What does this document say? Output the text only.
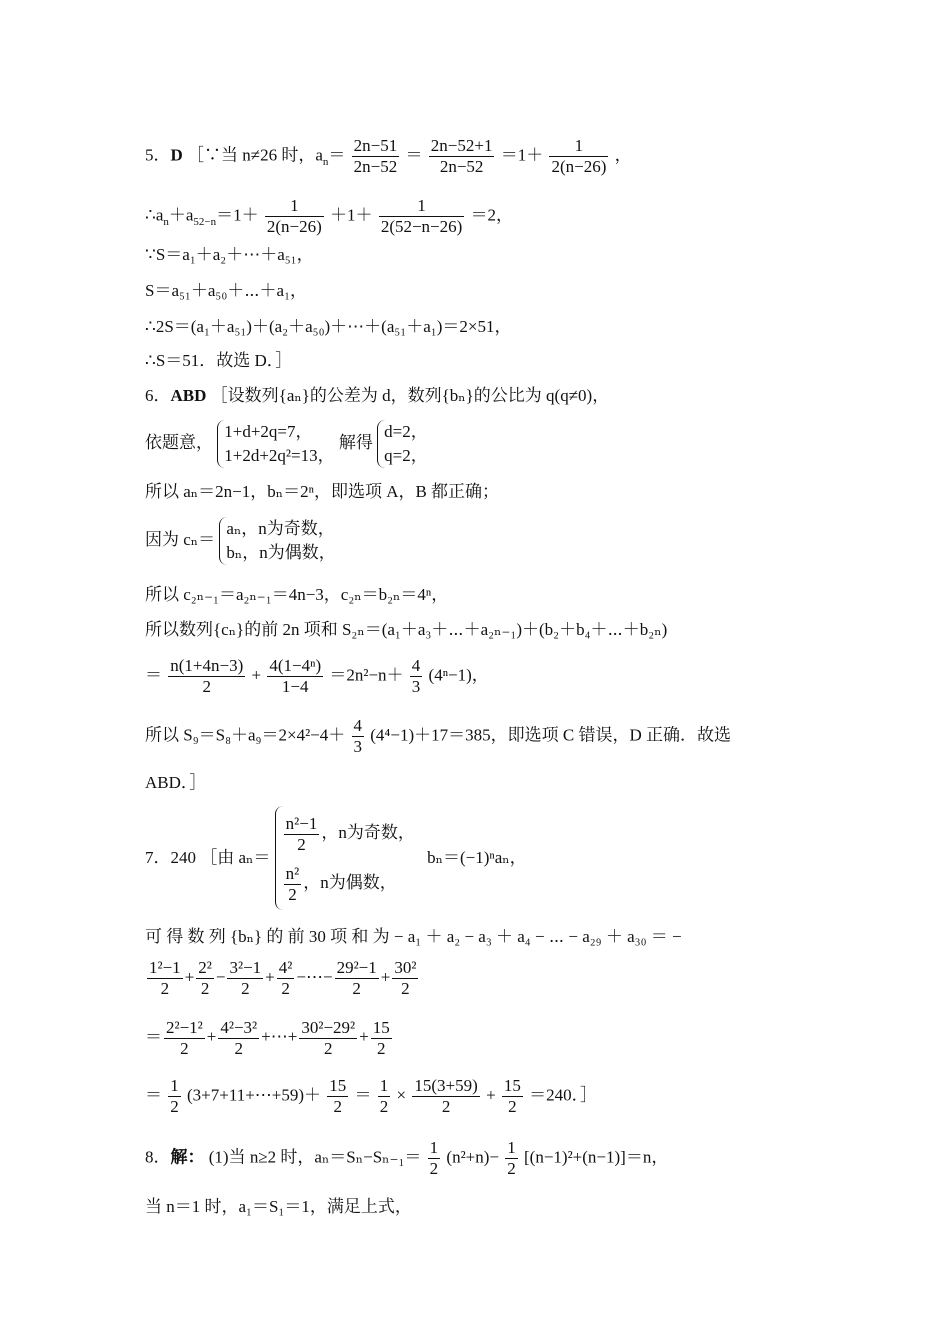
5．D ［∵当 n≠26 时，$a_n= \frac{2n-51}{2n-52} = \frac{2n-52+1}{2n-52} =1+ \frac{1}{2(n-26)}$ ，
$\therefore a_n+a_{52-n}=1+ \frac{1}{2(n-26)} +1+ \frac{1}{2(52-n-26)} =2$，
∵S＝a₁＋a₂＋⋯＋a₅₁，
S＝a₅₁＋a₅₀＋⋯＋a₁，
∴2S＝(a₁＋a₅₁)＋(a₂＋a₅₀)＋⋯＋(a₅₁＋a₁)＝2×51，
∴S＝51．故选 D．］
6．ABD ［设数列{aₙ}的公差为 d，数列{bₙ}的公比为 q(q≠0)，
依题意，
1+d+2q=7，
1+2d+2q²=13，
解得
d=2，
q=2，
所以 aₙ＝2n−1，bₙ＝2ⁿ，即选项 A，B 都正确；
因为 cₙ＝
aₙ，n为奇数，
bₙ，n为偶数，
所以 c₂ₙ₋₁＝a₂ₙ₋₁＝4n−3，c₂ₙ＝b₂ₙ＝4ⁿ，
所以数列{cₙ}的前 2n 项和 S₂ₙ＝(a₁＋a₃＋⋯＋a₂ₙ₋₁)＋(b₂＋b₄＋⋯＋b₂ₙ)
＝ $\frac{n(1+4n-3)}{2} + \frac{\text{4(1−4ⁿ)}}{1-4} =2n^2-n+ \frac{4}{3} (4^n-1)$，
所以 $S_9=S_8+a_9=2\times 4^2-4+ \frac{4}{3} (4^4-1)+17=385$，即选项 C 错误，D 正确．故选
ABD．］
7．240 ［由 aₙ＝
$\frac{\text{n²−1}}{2}$ ，n为奇数，
$\frac{\text{n²}}{2}$ ，n为偶数，
bₙ＝(−1)ⁿaₙ，
可 得 数 列 {bₙ} 的 前 30 项 和 为 − a₁ ＋ a₂ − a₃ ＋ a₄ − ⋯ − a₂₉ ＋ a₃₀ ＝ −
$\frac{\text{1²−1}}{2} + \frac{\text{2²}}{2} - \frac{\text{3²−1}}{2} + \frac{\text{4²}}{2}$ −⋯− $\frac{\text{29²−1}}{2} + \frac{\text{30²}}{2}$
＝ $\frac{\text{2²−1²}}{2} + \frac{\text{4²−3²}}{2}$ +⋯+ $\frac{\text{30²−29²}}{2} + \frac{15}{2}$
＝ $\frac{1}{2}$ (3+7+11+⋯+59)＋ $\frac{15}{2} = \frac{1}{2} \times \frac{15(3+59)}{2} + \frac{15}{2} =240$．］
8．解： (1)当 n≥2 时，$a_n=S_n-S_{n-1}= \frac{1}{2} (n^2+n)- \frac{1}{2} [(n-1)^2+(n-1)]=n$，
当 n＝1 时，a₁＝S₁＝1，满足上式，
